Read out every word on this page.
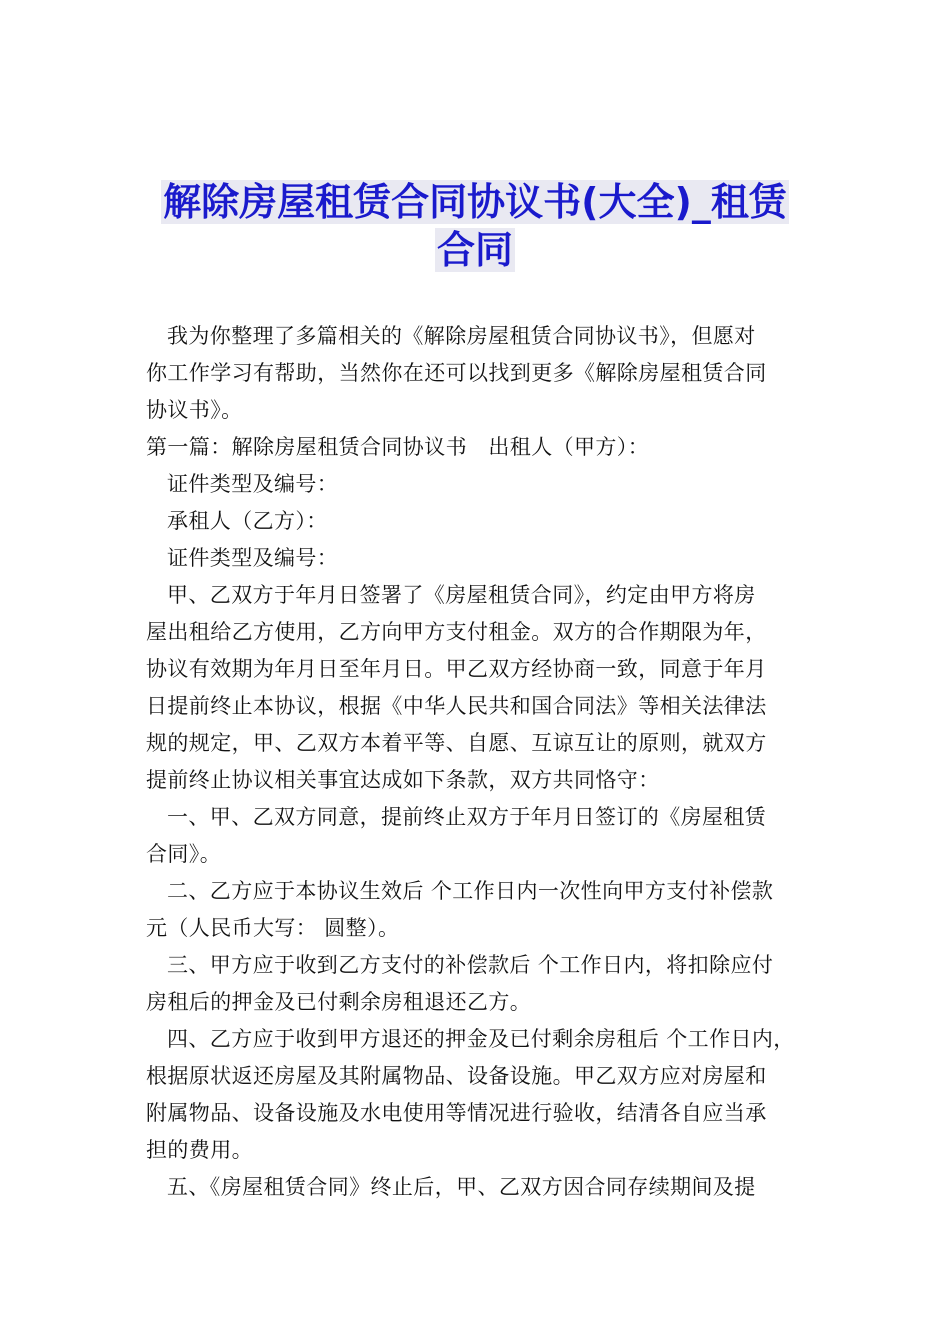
解除房屋租赁合同协议书(大全)_租赁
合同
我为你整理了多篇相关的《解除房屋租赁合同协议书》，但愿对
你工作学习有帮助，当然你在还可以找到更多《解除房屋租赁合同
协议书》。
第一篇：解除房屋租赁合同协议书　出租人（甲方）：
证件类型及编号：
承租人（乙方）：
证件类型及编号：
甲、乙双方于年月日签署了《房屋租赁合同》，约定由甲方将房
屋出租给乙方使用，乙方向甲方支付租金。双方的合作期限为年，
协议有效期为年月日至年月日。甲乙双方经协商一致，同意于年月
日提前终止本协议，根据《中华人民共和国合同法》等相关法律法
规的规定，甲、乙双方本着平等、自愿、互谅互让的原则，就双方
提前终止协议相关事宜达成如下条款，双方共同恪守：
一、甲、乙双方同意，提前终止双方于年月日签订的《房屋租赁
合同》。
二、乙方应于本协议生效后 个工作日内一次性向甲方支付补偿款
元（人民币大写： 圆整）。
三、甲方应于收到乙方支付的补偿款后 个工作日内，将扣除应付
房租后的押金及已付剩余房租退还乙方。
四、乙方应于收到甲方退还的押金及已付剩余房租后 个工作日内，
根据原状返还房屋及其附属物品、设备设施。甲乙双方应对房屋和
附属物品、设备设施及水电使用等情况进行验收，结清各自应当承
担的费用。
五、《房屋租赁合同》终止后，甲、乙双方因合同存续期间及提
